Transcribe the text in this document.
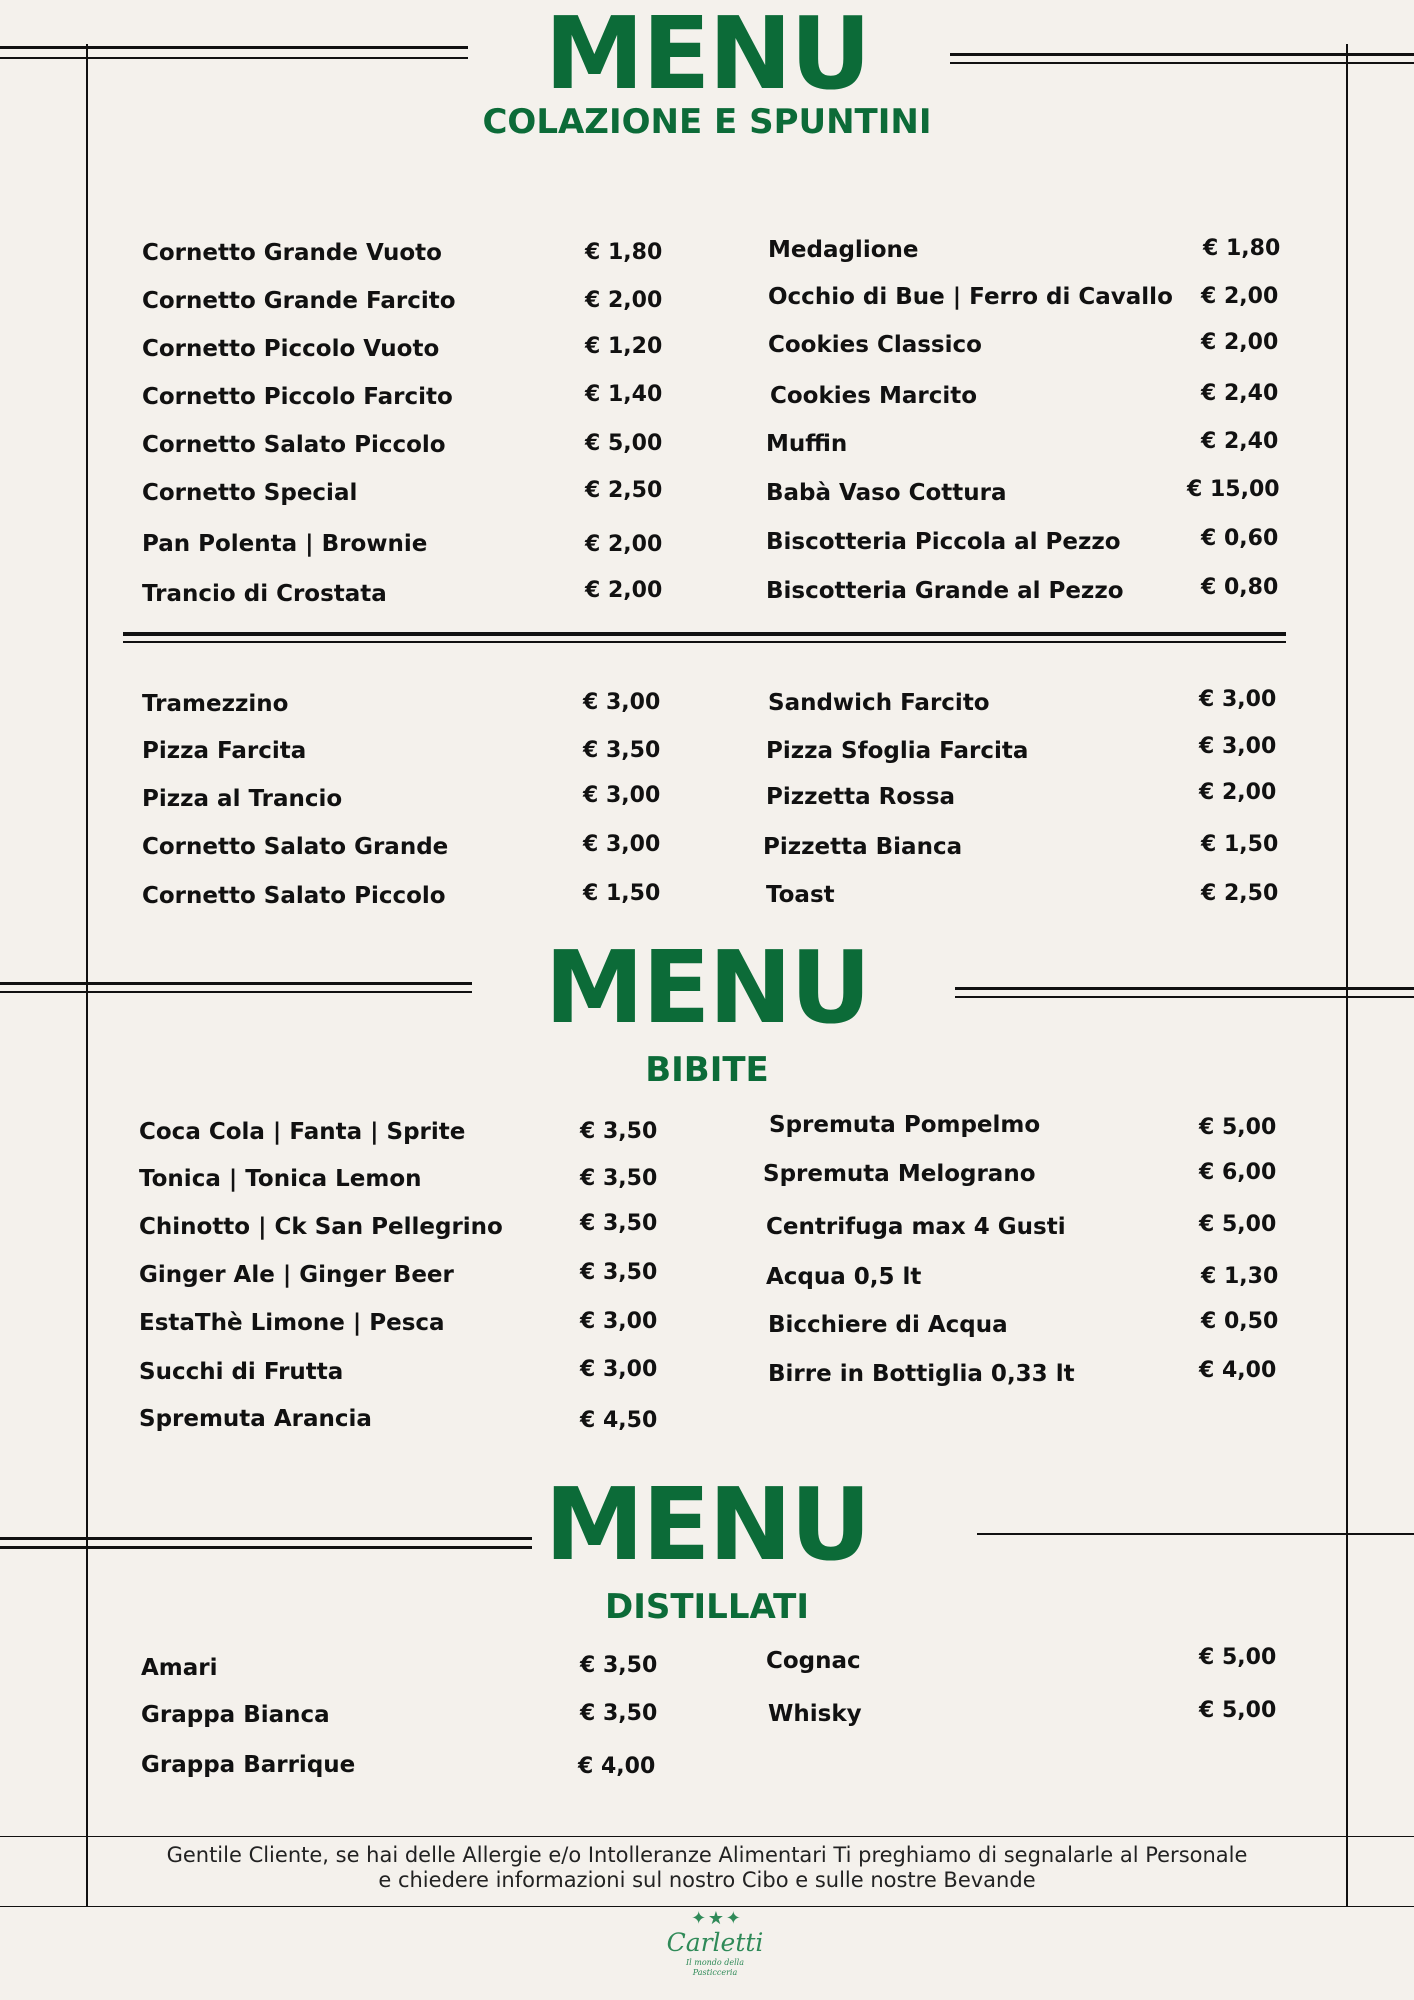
MENU
COLAZIONE E SPUNTINI
Cornetto Grande Vuoto	€ 1,80
Cornetto Grande Farcito	€ 2,00
Cornetto Piccolo Vuoto	€ 1,20
Cornetto Piccolo Farcito	€ 1,40
Cornetto Salato Piccolo	€ 5,00
Cornetto Special	€ 2,50
Pan Polenta | Brownie	€ 2,00
Trancio di Crostata	€ 2,00
Medaglione	€ 1,80
Occhio di Bue | Ferro di Cavallo € 2,00
Cookies Classico	€ 2,00
Cookies Marcito	€ 2,40
Muffin	€ 2,40
Babà Vaso Cottura	€ 15,00
Biscotteria Piccola al Pezzo	€ 0,60
Biscotteria Grande al Pezzo	€ 0,80
Tramezzino	€ 3,00
Pizza Farcita	€ 3,50
Pizza al Trancio	€ 3,00
Cornetto Salato Grande	€ 3,00
Cornetto Salato Piccolo	€ 1,50
Sandwich Farcito	€ 3,00
Pizza Sfoglia Farcita	€ 3,00
Pizzetta Rossa	€ 2,00
Pizzetta Bianca	€ 1,50
Toast	€ 2,50
MENU
BIBITE
Coca Cola | Fanta | Sprite	€ 3,50
Tonica | Tonica Lemon	€ 3,50
Chinotto | Ck San Pellegrino	€ 3,50
Ginger Ale | Ginger Beer	€ 3,50
EstaThè Limone | Pesca	€ 3,00
Succhi di Frutta	€ 3,00
Spremuta Arancia	€ 4,50
Spremuta Pompelmo	€ 5,00
Spremuta Melograno	€ 6,00
Centrifuga max 4 Gusti	€ 5,00
Acqua 0,5 lt	€ 1,30
Bicchiere di Acqua	€ 0,50
Birre in Bottiglia 0,33 lt	€ 4,00
MENU
DISTILLATI
Amari	€ 3,50
Grappa Bianca	€ 3,50
Grappa Barrique	€ 4,00
Cognac	€ 5,00
Whisky	€ 5,00
Gentile Cliente, se hai delle Allergie e/o Intolleranze Alimentari Ti preghiamo di segnalarle al Personale
e chiedere informazioni sul nostro Cibo e sulle nostre Bevande
✦ ★ ✦
Carletti
Il mondo della Pasticceria
